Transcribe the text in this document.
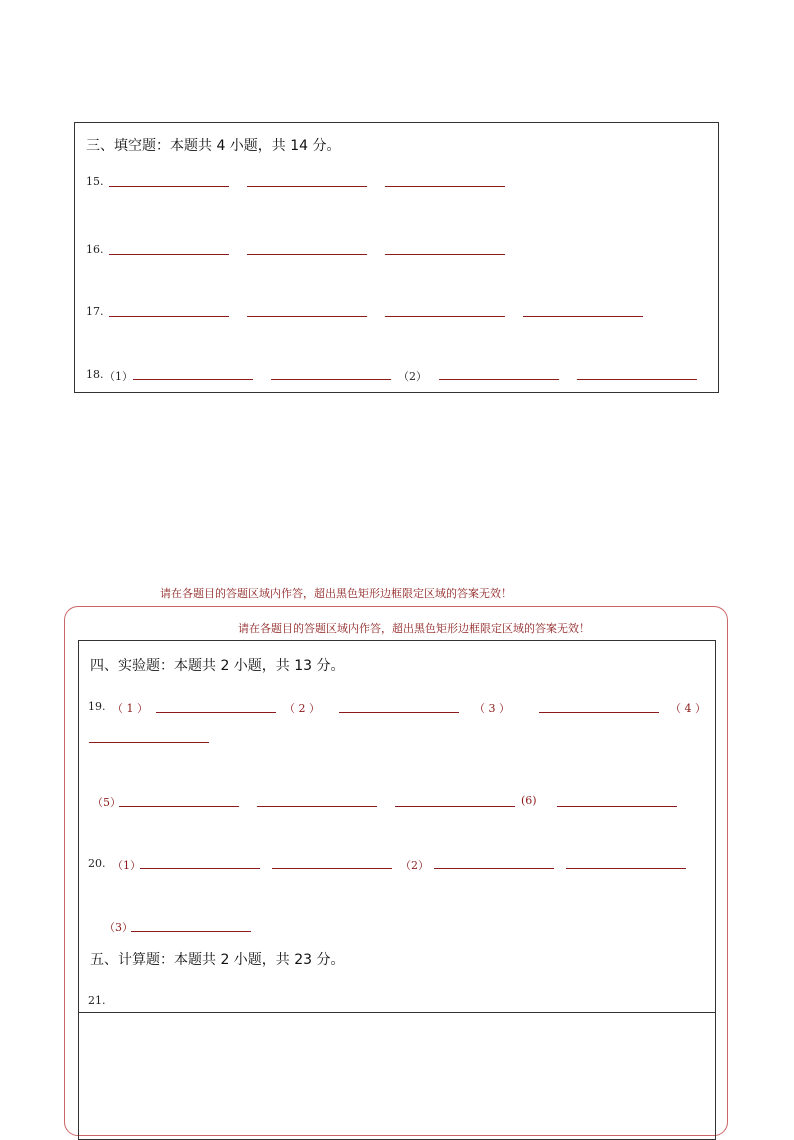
三、填空题：本题共 4 小题，共 14 分。
15.
16.
17.
18. （1）	（2）
请在各题目的答题区域内作答，超出黑色矩形边框限定区域的答案无效！
请在各题目的答题区域内作答，超出黑色矩形边框限定区域的答案无效！
四、实验题：本题共 2 小题，共 13 分。
19. （ 1 ）	（ 2 ）	（ 3 ）	（ 4 ）
（5）	(6)
20. （1）	（2）
（3）
五、计算题：本题共 2 小题，共 23 分。
21.
